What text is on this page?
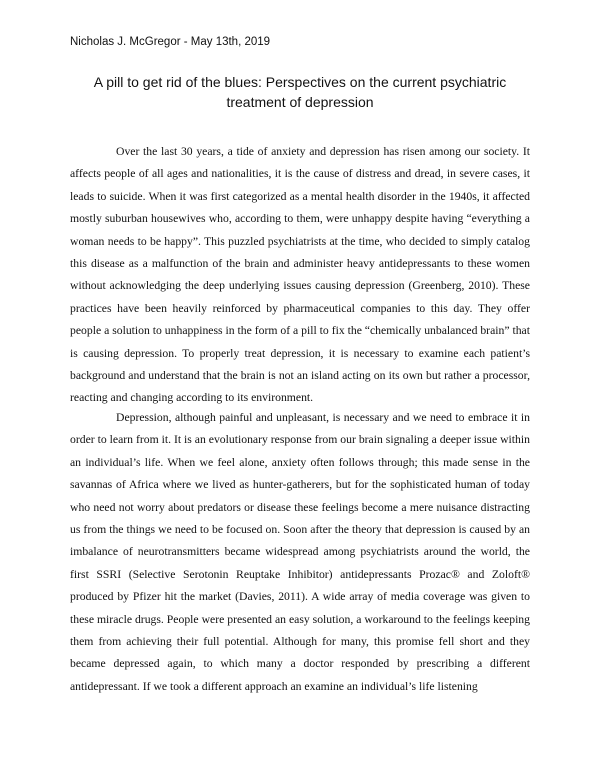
Nicholas J. McGregor - May 13th, 2019
A pill to get rid of the blues: Perspectives on the current psychiatric treatment of depression

Over the last 30 years, a tide of anxiety and depression has risen among our society. It affects people of all ages and nationalities, it is the cause of distress and dread, in severe cases, it leads to suicide. When it was first categorized as a mental health disorder in the 1940s, it affected mostly suburban housewives who, according to them, were unhappy despite having “everything a woman needs to be happy”. This puzzled psychiatrists at the time, who decided to simply catalog this disease as a malfunction of the brain and administer heavy antidepressants to these women without acknowledging the deep underlying issues causing depression (Greenberg, 2010). These practices have been heavily reinforced by pharmaceutical companies to this day. They offer people a solution to unhappiness in the form of a pill to fix the “chemically unbalanced brain” that is causing depression. To properly treat depression, it is necessary to examine each patient’s background and understand that the brain is not an island acting on its own but rather a processor, reacting and changing according to its environment.

Depression, although painful and unpleasant, is necessary and we need to embrace it in order to learn from it. It is an evolutionary response from our brain signaling a deeper issue within an individual’s life. When we feel alone, anxiety often follows through; this made sense in the savannas of Africa where we lived as hunter-gatherers, but for the sophisticated human of today who need not worry about predators or disease these feelings become a mere nuisance distracting us from the things we need to be focused on. Soon after the theory that depression is caused by an imbalance of neurotransmitters became widespread among psychiatrists around the world, the first SSRI (Selective Serotonin Reuptake Inhibitor) antidepressants Prozac® and Zoloft® produced by Pfizer hit the market (Davies, 2011). A wide array of media coverage was given to these miracle drugs. People were presented an easy solution, a workaround to the feelings keeping them from achieving their full potential. Although for many, this promise fell short and they became depressed again, to which many a doctor responded by prescribing a different antidepressant. If we took a different approach an examine an individual’s life listening
